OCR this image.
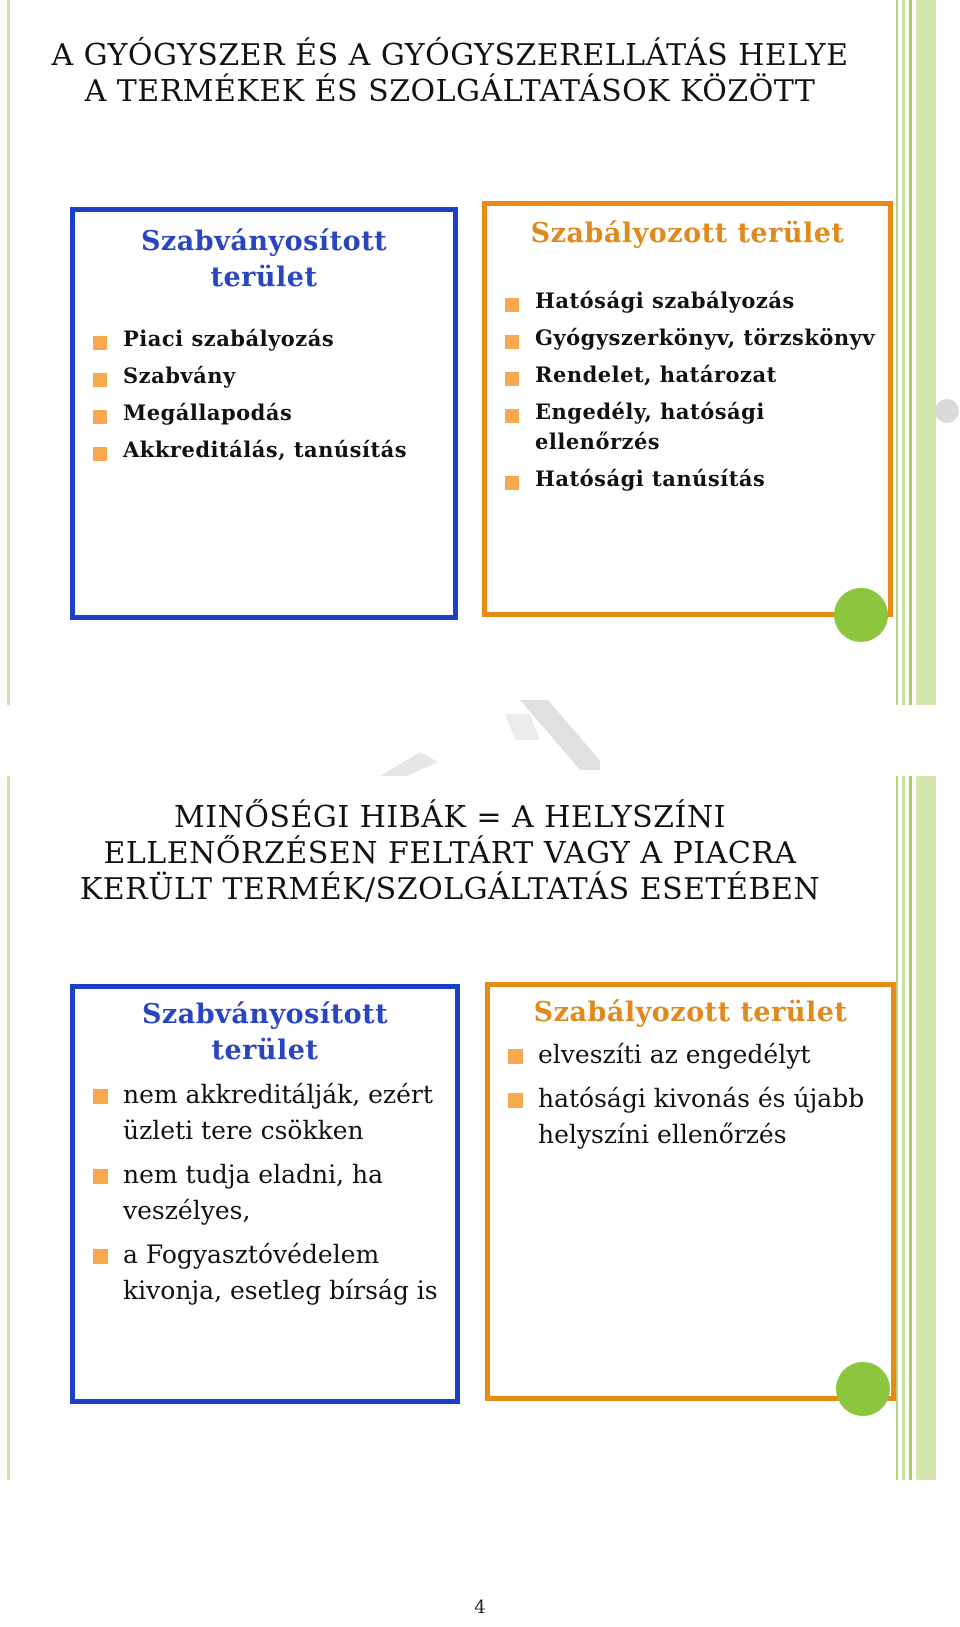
A GYÓGYSZER ÉS A GYÓGYSZERELLÁTÁS HELYE
A TERMÉKEK ÉS SZOLGÁLTATÁSOK KÖZÖTT
Szabványosított
terület
Piaci szabályozás
Szabvány
Megállapodás
Akkreditálás, tanúsítás
Szabályozott terület
Hatósági szabályozás
Gyógyszerkönyv, törzskönyv
Rendelet, határozat
Engedély, hatósági ellenőrzés
Hatósági tanúsítás
MINŐSÉGI HIBÁK = A HELYSZÍNI
ELLENŐRZÉSEN FELTÁRT VAGY A PIACRA
KERÜLT TERMÉK/SZOLGÁLTATÁS ESETÉBEN
Szabványosított
terület
nem akkreditálják, ezért üzleti tere csökken
nem tudja eladni, ha veszélyes,
a Fogyasztóvédelem kivonja, esetleg bírság is
Szabályozott terület
elveszíti az engedélyt
hatósági kivonás és újabb helyszíni ellenőrzés
4
